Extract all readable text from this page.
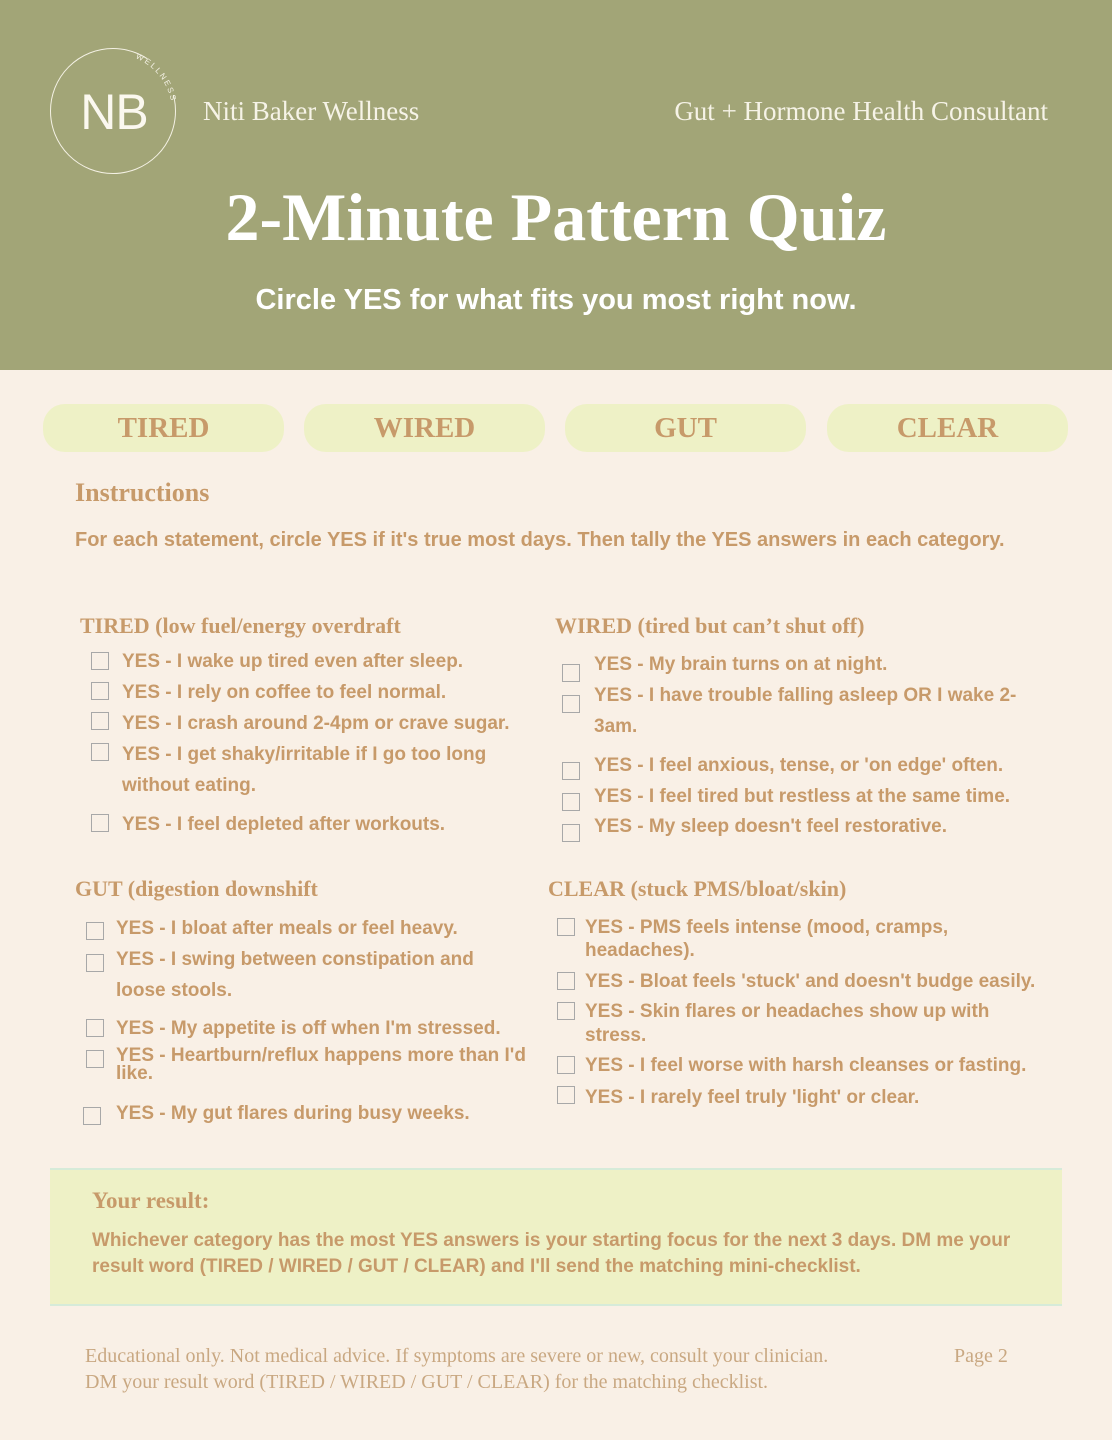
WELLNESS
NB	Niti Baker Wellness	Gut + Hormone Health Consultant
2-Minute Pattern Quiz
Circle YES for what fits you most right now.
TIRED	WIRED	GUT	CLEAR
Instructions
For each statement, circle YES if it's true most days. Then tally the YES answers in each category.
TIRED (low fuel/energy overdraft
YES - I wake up tired even after sleep.
YES - I rely on coffee to feel normal.
YES - I crash around 2-4pm or crave sugar.
YES - I get shaky/irritable if I go too long without eating.
YES - I feel depleted after workouts.
WIRED (tired but can’t shut off)
YES - My brain turns on at night.
YES - I have trouble falling asleep OR I wake 2-3am.
YES - I feel anxious, tense, or 'on edge' often.
YES - I feel tired but restless at the same time.
YES - My sleep doesn't feel restorative.
GUT (digestion downshift
YES - I bloat after meals or feel heavy.
YES - I swing between constipation and loose stools.
YES - My appetite is off when I'm stressed.
YES - Heartburn/reflux happens more than I'd like.
YES - My gut flares during busy weeks.
CLEAR (stuck PMS/bloat/skin)
YES - PMS feels intense (mood, cramps, headaches).
YES - Bloat feels 'stuck' and doesn't budge easily.
YES - Skin flares or headaches show up with stress.
YES - I feel worse with harsh cleanses or fasting.
YES - I rarely feel truly 'light' or clear.
Your result:
Whichever category has the most YES answers is your starting focus for the next 3 days. DM me your result word (TIRED / WIRED / GUT / CLEAR) and I'll send the matching mini-checklist.
Educational only. Not medical advice. If symptoms are severe or new, consult your clinician.
DM your result word (TIRED / WIRED / GUT / CLEAR) for the matching checklist.
Page 2
